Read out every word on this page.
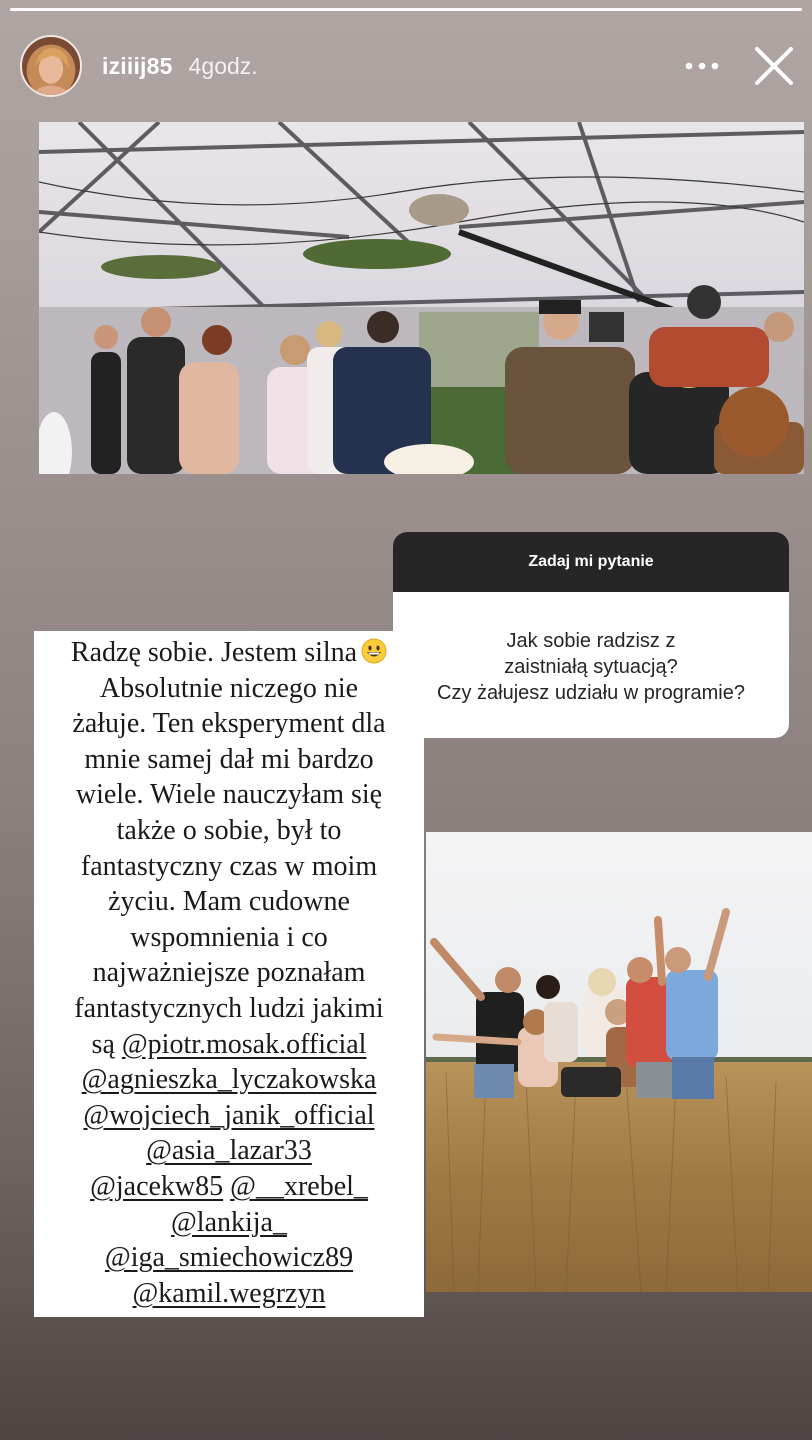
iziiij85 4godz.
Zadaj mi pytanie
Jak sobie radzisz z
zaistniałą sytuacją?
Czy żałujesz udziału w programie?
Radzę sobie. Jestem silna
Absolutnie niczego nie
żałuje. Ten eksperyment dla
mnie samej dał mi bardzo
wiele. Wiele nauczyłam się
także o sobie, był to
fantastyczny czas w moim
życiu. Mam cudowne
wspomnienia i co
najważniejsze poznałam
fantastycznych ludzi jakimi
są @piotr.mosak.official
@agnieszka_lyczakowska
@wojciech_janik_official
@asia_lazar33
@jacekw85 @__xrebel_
@lankija_
@iga_smiechowicz89
@kamil.wegrzyn
